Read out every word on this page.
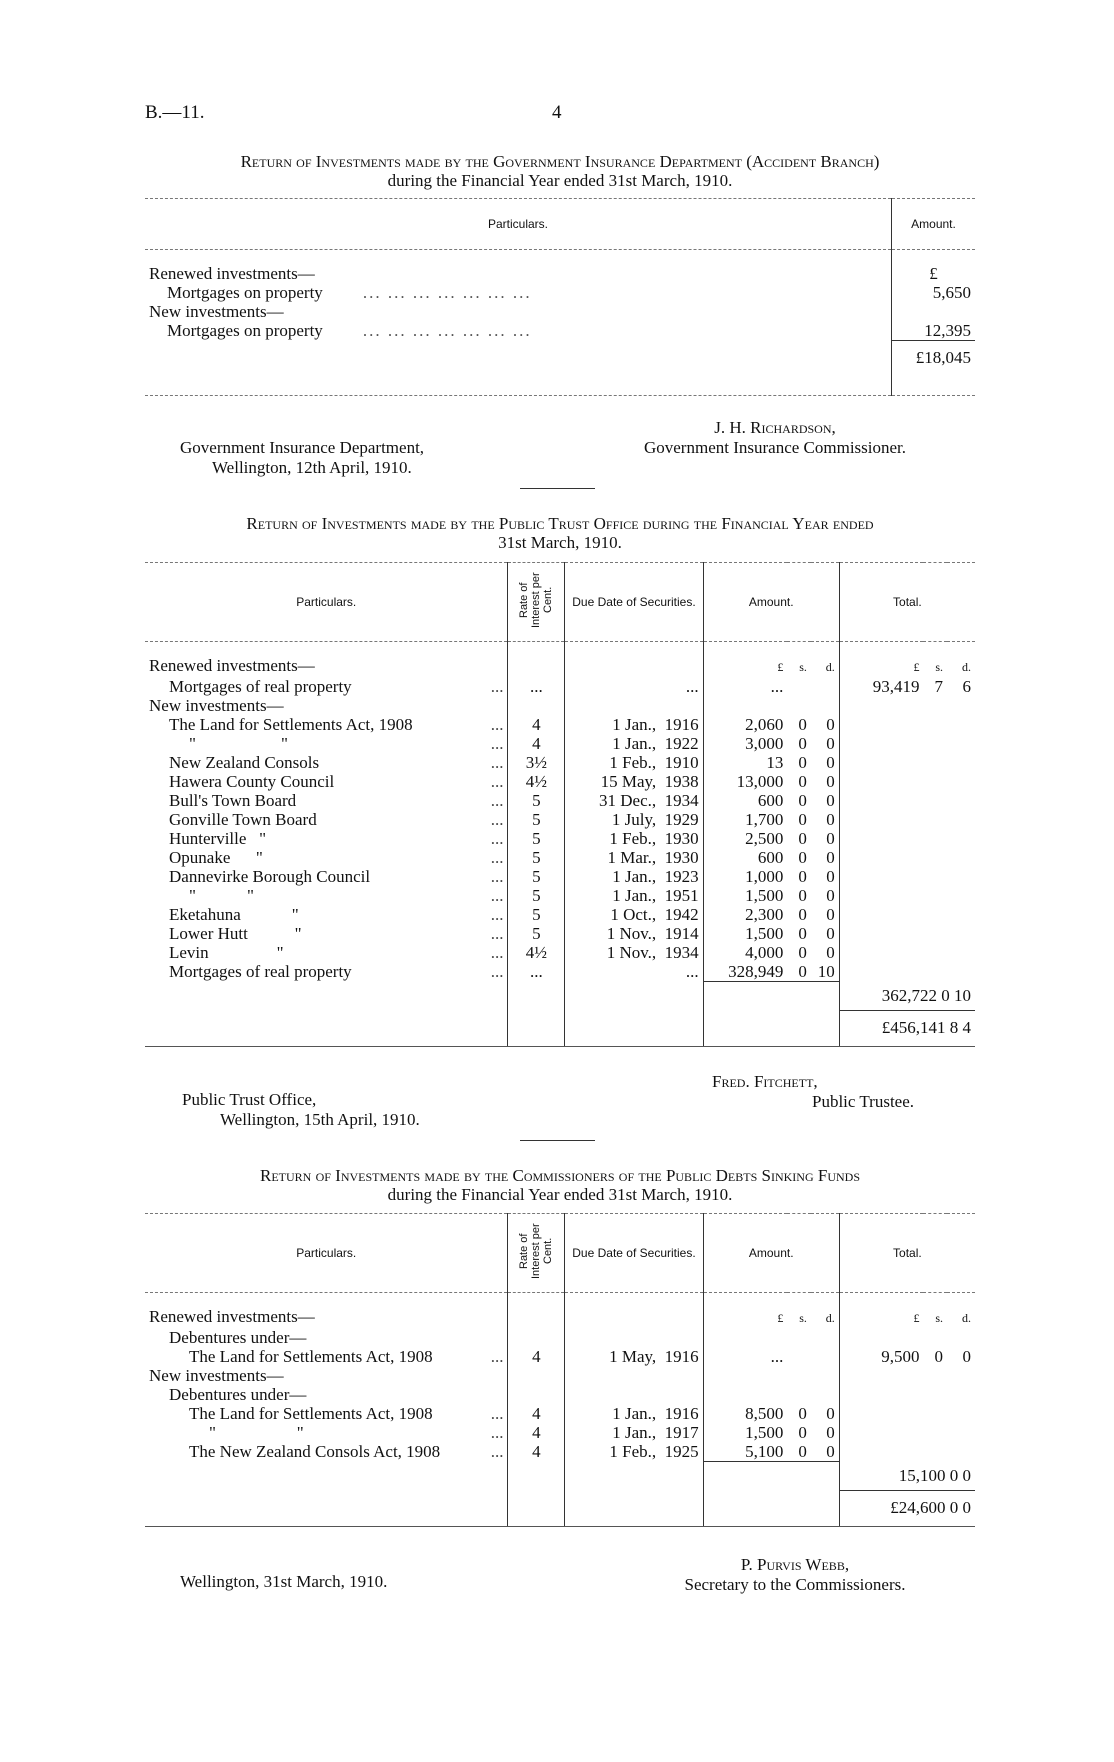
B.—11.	4
Return of Investments made by the Government Insurance Department (Accident Branch)
during the Financial Year ended 31st March, 1910.
Particulars.	Amount.

Renewed investments—	£

Mortgages on property ... ... ... ... ... ... ...	5,650
New investments—	
Mortgages on property ... ... ... ... ... ... ...	12,395
	£18,045

Government Insurance Department,
Wellington, 12th April, 1910.
J. H. Richardson,
Government Insurance Commissioner.
Return of Investments made by the Public Trust Office during the Financial Year ended
31st March, 1910.
Particulars.	Rate of Interest per Cent.	Due Date of Securities.	Amount.			Total.		

Renewed investments—			£	s.	d.	£	s.	d.

Mortgages of real property ...	...	...	...			93,419	7	6

New investments—								

The Land for Settlements Act, 1908 ...	4	1 Jan.,  1916	2,060	0	0			

"                    " ...	4	1 Jan.,  1922	3,000	0	0			

New Zealand Consols ...	3½	1 Feb.,  1910	13	0	0			

Hawera County Council ...	4½	15 May,  1938	13,000	0	0			

Bull's Town Board ...	5	31 Dec.,  1934	600	0	0			

Gonville Town Board ...	5	1 July,  1929	1,700	0	0			

Hunterville   " ...	5	1 Feb.,  1930	2,500	0	0			

Opunake      " ...	5	1 Mar.,  1930	600	0	0			

Dannevirke Borough Council ...	5	1 Jan.,  1923	1,000	0	0			

"            " ...	5	1 Jan.,  1951	1,500	0	0			

Eketahuna            " ...	5	1 Oct.,  1942	2,300	0	0			

Lower Hutt           " ...	5	1 Nov.,  1914	1,500	0	0			

Levin                " ...	4½	1 Nov.,  1934	4,000	0	0			

Mortgages of real property ...	...	...	328,949	0	10			
						362,722 0 10		

						£456,141 8 4		
Public Trust Office,
Wellington, 15th April, 1910.
Fred. Fitchett,
Public Trustee.
Return of Investments made by the Commissioners of the Public Debts Sinking Funds
during the Financial Year ended 31st March, 1910.
Particulars.	Rate of Interest per Cent.	Due Date of Securities.	Amount.			Total.		

Renewed investments—			£	s.	d.	£	s.	d.

Debentures under—								

The Land for Settlements Act, 1908 ...	4	1 May,  1916	...			9,500	0	0

New investments—								

Debentures under—								

The Land for Settlements Act, 1908 ...	4	1 Jan.,  1916	8,500	0	0			

"                   " ...	4	1 Jan.,  1917	1,500	0	0			

The New Zealand Consols Act, 1908 ...	4	1 Feb.,  1925	5,100	0	0			
						15,100 0 0		

						£24,600 0 0		
Wellington, 31st March, 1910.
P. Purvis Webb,
Secretary to the Commissioners.
